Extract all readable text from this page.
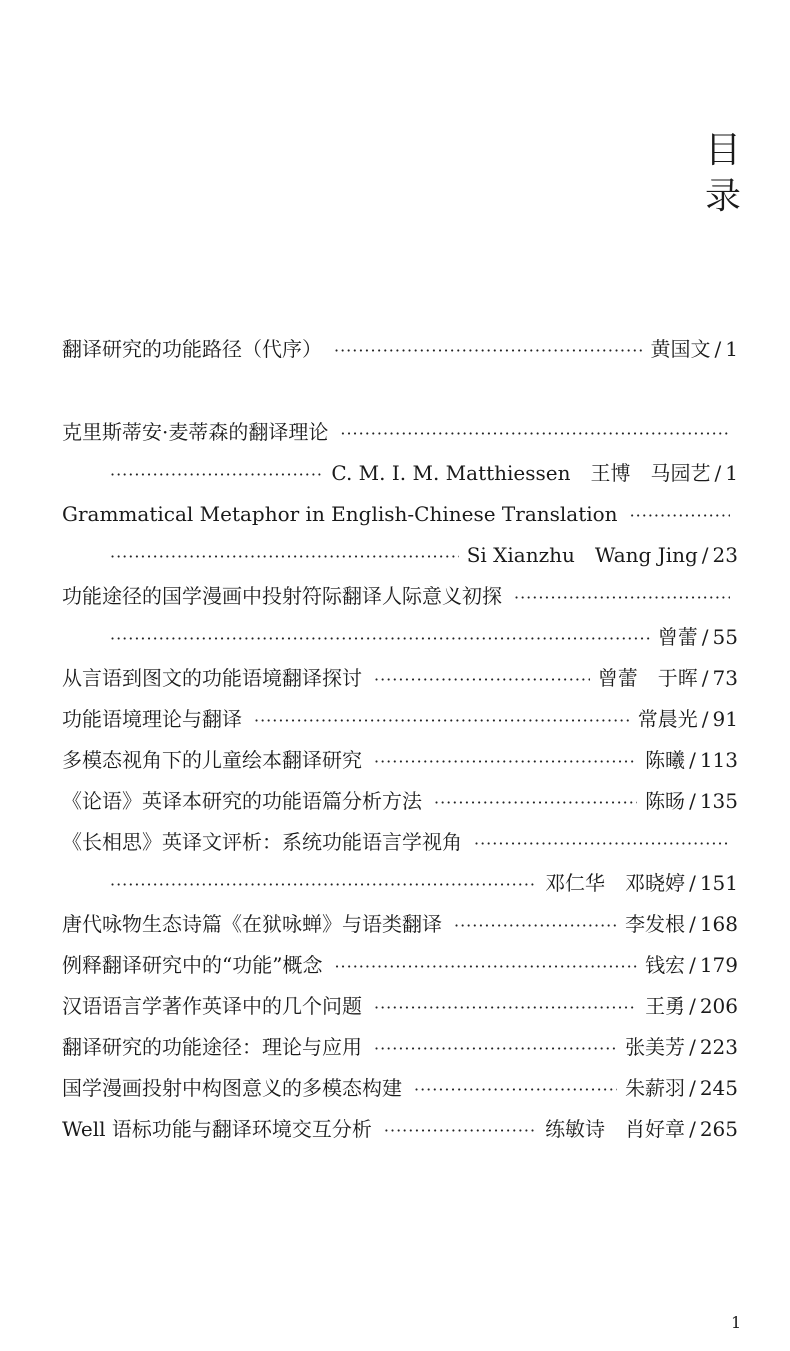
目
录
翻译研究的功能路径（代序） ·····	黄国文 / 1
克里斯蒂安·麦蒂森的翻译理论
·····
·····
C. M. I. M. Matthiessen　王博　马园艺 / 1
Grammatical Metaphor in English-Chinese Translation
·····
·····
Si Xianzhu　Wang Jing / 23
功能途径的国学漫画中投射符际翻译人际意义初探
·····
·····
曾蕾 / 55
从言语到图文的功能语境翻译探讨 ·····	曾蕾　于晖 / 73
功能语境理论与翻译 ·····	常晨光 / 91
多模态视角下的儿童绘本翻译研究 ·····	陈曦 / 113
《论语》英译本研究的功能语篇分析方法 ·····	陈旸 / 135
《长相思》英译文评析：系统功能语言学视角
·····
·····
邓仁华　邓晓婷 / 151
唐代咏物生态诗篇《在狱咏蝉》与语类翻译 ·····	李发根 / 168
例释翻译研究中的“功能”概念 ·····	钱宏 / 179
汉语语言学著作英译中的几个问题 ·····	王勇 / 206
翻译研究的功能途径：理论与应用 ·····	张美芳 / 223
国学漫画投射中构图意义的多模态构建 ·····	朱薪羽 / 245
Well 语标功能与翻译环境交互分析 ·····	练敏诗　肖好章 / 265
1
